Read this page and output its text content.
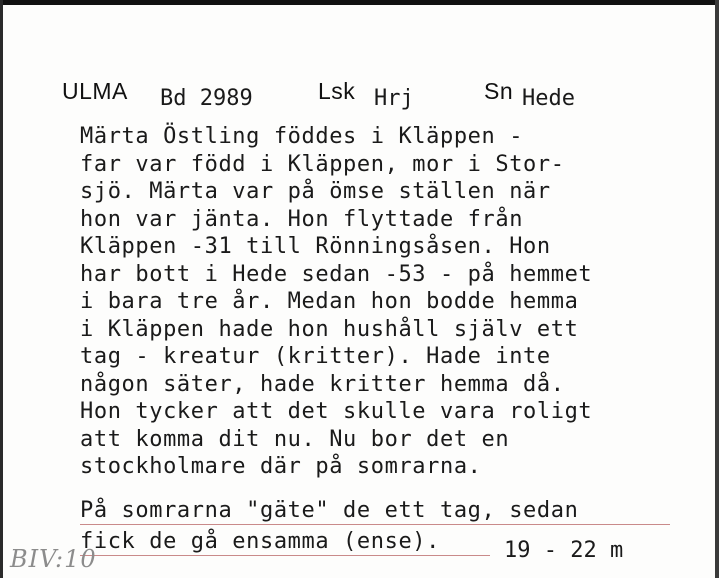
ULMA Bd 2989	Lsk Hrj	Sn Hede
Märta Östling föddes i Kläppen -
far var född i Kläppen, mor i Stor-
sjö. Märta var på ömse ställen när
hon var jänta. Hon flyttade från
Kläppen -31 till Rönningsåsen. Hon
har bott i Hede sedan -53 - på hemmet
i bara tre år. Medan hon bodde hemma
i Kläppen hade hon hushåll själv ett
tag - kreatur (kritter). Hade inte
någon säter, hade kritter hemma då.
Hon tycker att det skulle vara roligt
att komma dit nu. Nu bor det en
stockholmare där på somrarna.
På somrarna "gäte" de ett tag, sedan
fick de gå ensamma (ense).	19 - 22 m
BIV:10
